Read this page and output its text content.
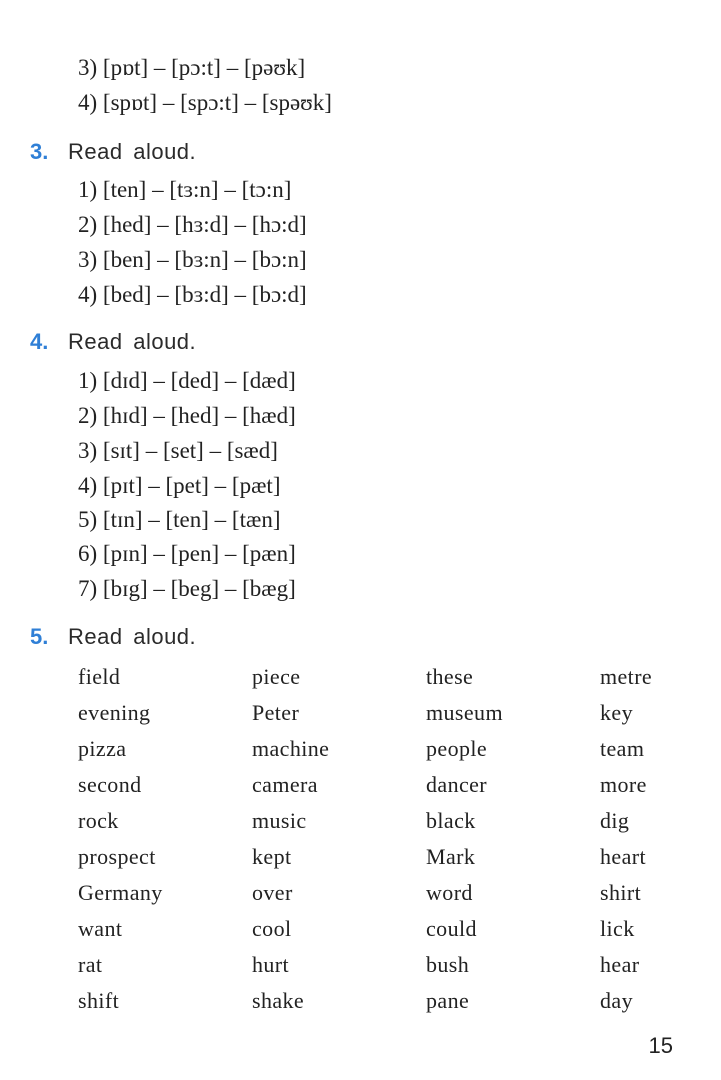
3) [pɒt] – [pɔ:t] – [pəʊk]
4) [spɒt] – [spɔ:t] – [spəʊk]
3. Read aloud.
1) [ten] – [tɜ:n] – [tɔ:n]
2) [hed] – [hɜ:d] – [hɔ:d]
3) [ben] – [bɜ:n] – [bɔ:n]
4) [bed] – [bɜ:d] – [bɔ:d]
4. Read aloud.
1) [dɪd] – [ded] – [dæd]
2) [hɪd] – [hed] – [hæd]
3) [sɪt] – [set] – [sæd]
4) [pɪt] – [pet] – [pæt]
5) [tɪn] – [ten] – [tæn]
6) [pɪn] – [pen] – [pæn]
7) [bɪg] – [beg] – [bæg]
5. Read aloud.
field	piece	these	metre
evening	Peter	museum	key
pizza	machine	people	team
second	camera	dancer	more
rock	music	black	dig
prospect	kept	Mark	heart
Germany	over	word	shirt
want	cool	could	lick
rat	hurt	bush	hear
shift	shake	pane	day
15
